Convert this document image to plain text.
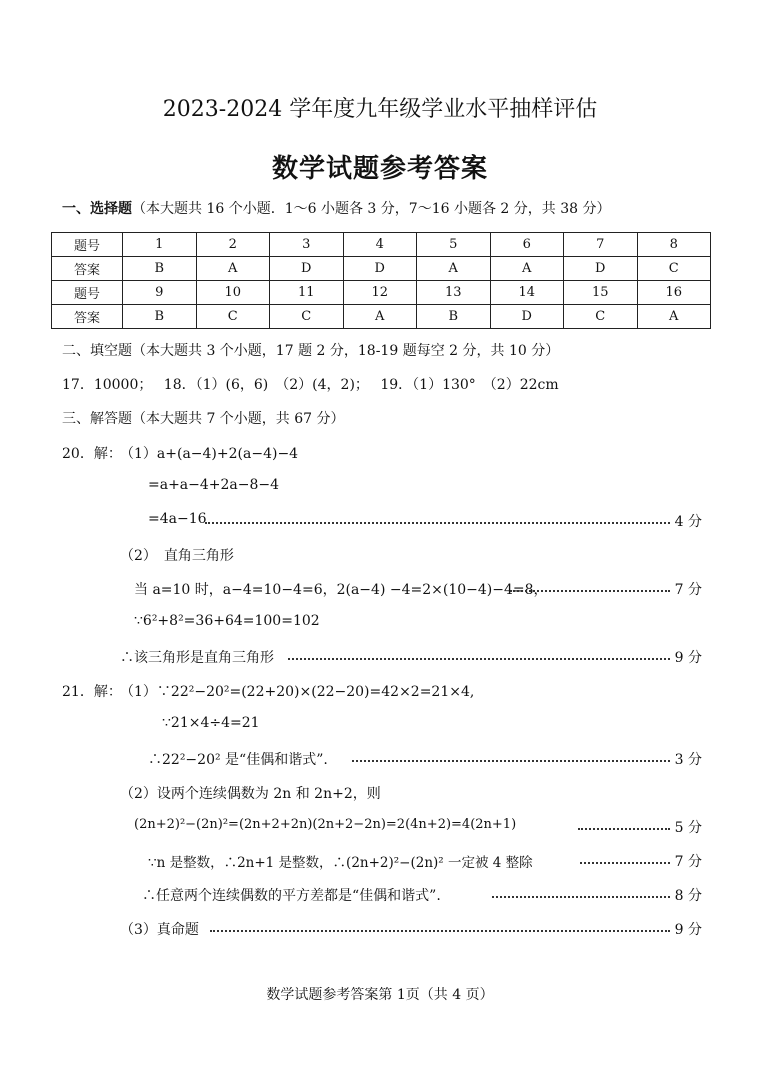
2023-2024 学年度九年级学业水平抽样评估
数学试题参考答案
一、选择题（本大题共 16 个小题．1～6 小题各 3 分，7～16 小题各 2 分，共 38 分）
题号	1	2	3	4	5	6	7	8
答案	B	A	D	D	A	A	D	C
题号	9	10	11	12	13	14	15	16
答案	B	C	C	A	B	D	C	A
二、填空题（本大题共 3 个小题，17 题 2 分，18-19 题每空 2 分，共 10 分）
17．10000；　 18．（1）(6，6)　（2）(4，2)；　 19．（1）130°　（2）22cm
三、解答题（本大题共 7 个小题，共 67 分）
20．解：
（1）a+(a−4)+2(a−4)−4
=a+a−4+2a−8−4
=4a−16	4 分
（2）　直角三角形
当 a=10 时，a−4=10−4=6，2(a−4) −4=2×(10−4)−4=8，	7 分
∵6²+8²=36+64=100=102
∴该三角形是直角三角形	9 分
21．解：
（1）∵22²−20²=(22+20)×(22−20)=42×2=21×4,
∵21×4÷4=21
∴22²−20² 是“佳偶和谐式”.	3 分
（2）设两个连续偶数为 2n 和 2n+2，则
(2n+2)²−(2n)²=(2n+2+2n)(2n+2−2n)=2(4n+2)=4(2n+1)	5 分
∵n 是整数，∴2n+1 是整数，∴(2n+2)²−(2n)² 一定被 4 整除	7 分
∴任意两个连续偶数的平方差都是“佳偶和谐式”.	8 分
（3）真命题	9 分
数学试题参考答案第 1页（共 4 页）
